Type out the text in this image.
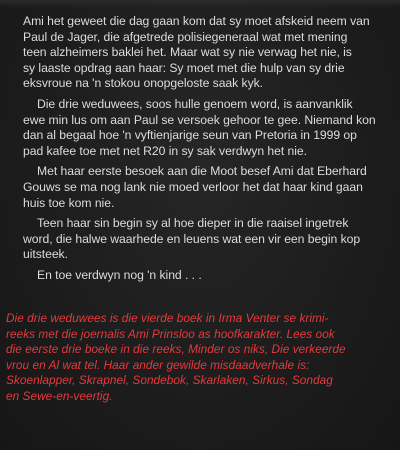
Ami het geweet die dag gaan kom dat sy moet afskeid neem van
Paul de Jager, die afgetrede polisiegeneraal wat met mening
teen alzheimers baklei het. Maar wat sy nie verwag het nie, is
sy laaste opdrag aan haar: Sy moet met die hulp van sy drie
eksvroue na 'n stokou onopgeloste saak kyk.
Die drie weduwees, soos hulle genoem word, is aanvanklik
ewe min lus om aan Paul se versoek gehoor te gee. Niemand kon
dan al begaal hoe 'n vyftienjarige seun van Pretoria in 1999 op
pad kafee toe met net R20 in sy sak verdwyn het nie.
Met haar eerste besoek aan die Moot besef Ami dat Eberhard
Gouws se ma nog lank nie moed verloor het dat haar kind gaan
huis toe kom nie.
Teen haar sin begin sy al hoe dieper in die raaisel ingetrek
word, die halwe waarhede en leuens wat een vir een begin kop
uitsteek.
En toe verdwyn nog 'n kind . . .
Die drie weduwees is die vierde boek in Irma Venter se krimi-
reeks met die joernalis Ami Prinsloo as hoofkarakter. Lees ook
die eerste drie boeke in die reeks, Minder os niks, Die verkeerde
vrou en Al wat tel. Haar ander gewilde misdaadverhale is:
Skoenlapper, Skrapnel, Sondebok, Skarlaken, Sirkus, Sondag
en Sewe-en-veertig.
